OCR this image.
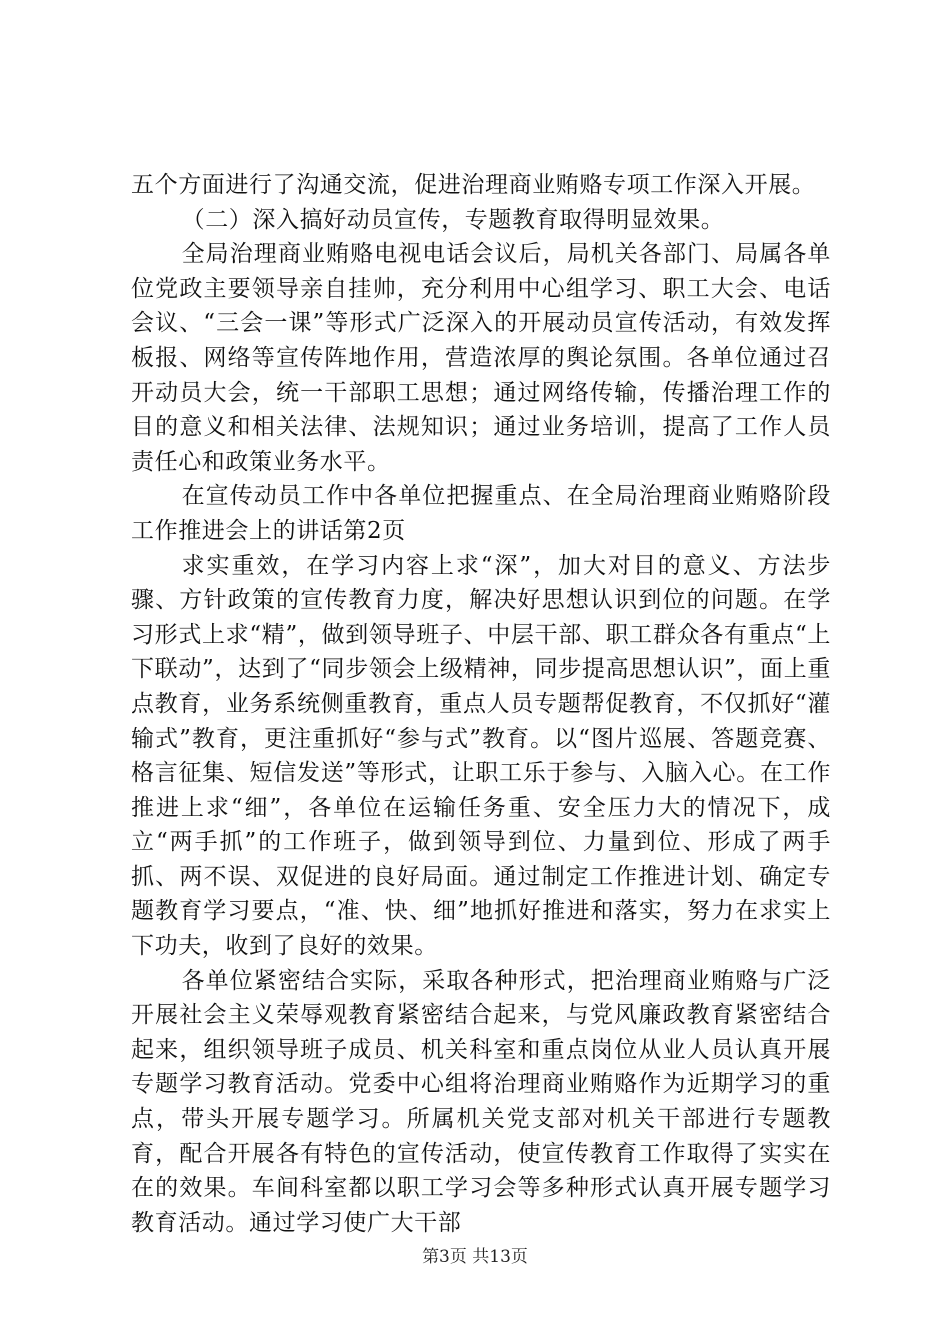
五个方面进行了沟通交流，促进治理商业贿赂专项工作深入开展。

（二）深入搞好动员宣传，专题教育取得明显效果。

全局治理商业贿赂电视电话会议后，局机关各部门、局属各单位党政主要领导亲自挂帅，充分利用中心组学习、职工大会、电话会议、“三会一课”等形式广泛深入的开展动员宣传活动，有效发挥板报、网络等宣传阵地作用，营造浓厚的舆论氛围。各单位通过召开动员大会，统一干部职工思想；通过网络传输，传播治理工作的目的意义和相关法律、法规知识；通过业务培训，提高了工作人员责任心和政策业务水平。

在宣传动员工作中各单位把握重点、在全局治理商业贿赂阶段工作推进会上的讲话第2页

求实重效，在学习内容上求“深”，加大对目的意义、方法步骤、方针政策的宣传教育力度，解决好思想认识到位的问题。在学习形式上求“精”，做到领导班子、中层干部、职工群众各有重点“上下联动”，达到了“同步领会上级精神，同步提高思想认识”，面上重点教育，业务系统侧重教育，重点人员专题帮促教育，不仅抓好“灌输式”教育，更注重抓好“参与式”教育。以“图片巡展、答题竞赛、格言征集、短信发送”等形式，让职工乐于参与、入脑入心。在工作推进上求“细”，各单位在运输任务重、安全压力大的情况下，成立“两手抓”的工作班子，做到领导到位、力量到位、形成了两手抓、两不误、双促进的良好局面。通过制定工作推进计划、确定专题教育学习要点，“准、快、细”地抓好推进和落实，努力在求实上下功夫，收到了良好的效果。

各单位紧密结合实际，采取各种形式，把治理商业贿赂与广泛开展社会主义荣辱观教育紧密结合起来，与党风廉政教育紧密结合起来，组织领导班子成员、机关科室和重点岗位从业人员认真开展专题学习教育活动。党委中心组将治理商业贿赂作为近期学习的重点，带头开展专题学习。所属机关党支部对机关干部进行专题教育，配合开展各有特色的宣传活动，使宣传教育工作取得了实实在在的效果。车间科室都以职工学习会等多种形式认真开展专题学习教育活动。通过学习使广大干部

第3页 共13页
